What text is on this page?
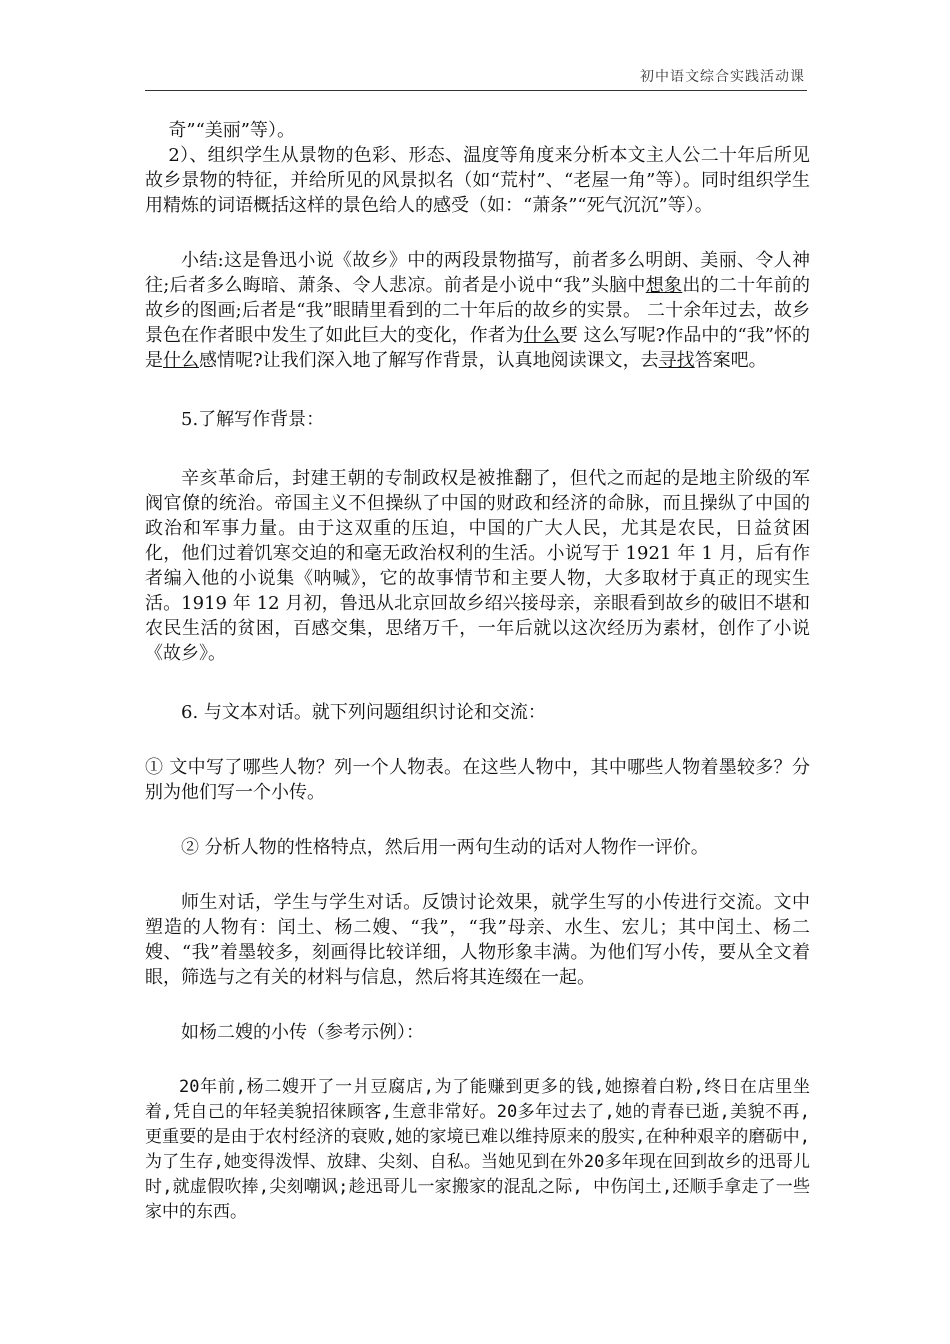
初中语文综合实践活动课

奇”“美丽”等）。

2）、组织学生从景物的色彩、形态、温度等角度来分析本文主人公二十年后所见故乡景物的特征，并给所见的风景拟名（如“荒村”、“老屋一角”等）。同时组织学生用精炼的词语概括这样的景色给人的感受（如：“萧条”“死气沉沉”等）。

小结:这是鲁迅小说《故乡》中的两段景物描写，前者多么明朗、美丽、令人神往;后者多么晦暗、萧条、令人悲凉。前者是小说中“我”头脑中想象出的二十年前的故乡的图画;后者是“我”眼睛里看到的二十年后的故乡的实景。 二十余年过去，故乡景色在作者眼中发生了如此巨大的变化，作者为什么要 这么写呢?作品中的“我”怀的是什么感情呢?让我们深入地了解写作背景，认真地阅读课文，去寻找答案吧。

5.了解写作背景：

辛亥革命后，封建王朝的专制政权是被推翻了，但代之而起的是地主阶级的军阀官僚的统治。帝国主义不但操纵了中国的财政和经济的命脉，而且操纵了中国的政治和军事力量。由于这双重的压迫，中国的广大人民，尤其是农民，日益贫困化，他们过着饥寒交迫的和毫无政治权利的生活。小说写于 1921 年 1 月，后有作者编入他的小说集《呐喊》，它的故事情节和主要人物，大多取材于真正的现实生活。1919 年 12 月初，鲁迅从北京回故乡绍兴接母亲，亲眼看到故乡的破旧不堪和农民生活的贫困，百感交集，思绪万千，一年后就以这次经历为素材，创作了小说《故乡》。

6. 与文本对话。就下列问题组织讨论和交流：

① 文中写了哪些人物？列一个人物表。在这些人物中，其中哪些人物着墨较多？分别为他们写一个小传。

② 分析人物的性格特点，然后用一两句生动的话对人物作一评价。

师生对话，学生与学生对话。反馈讨论效果，就学生写的小传进行交流。文中塑造的人物有：闰土、杨二嫂、“我”，“我”母亲、水生、宏儿；其中闰土、杨二嫂、“我”着墨较多，刻画得比较详细，人物形象丰满。为他们写小传，要从全文着眼，筛选与之有关的材料与信息，然后将其连缀在一起。

如杨二嫂的小传（参考示例）：

20年前,杨二嫂开了一爿豆腐店,为了能赚到更多的钱,她擦着白粉,终日在店里坐着,凭自己的年轻美貌招徕顾客,生意非常好。20多年过去了,她的青春已逝,美貌不再,更重要的是由于农村经济的衰败,她的家境已难以维持原来的殷实,在种种艰辛的磨砺中,为了生存,她变得泼悍、放肆、尖刻、自私。当她见到在外20多年现在回到故乡的迅哥儿时,就虚假吹捧,尖刻嘲讽;趁迅哥儿一家搬家的混乱之际, 中伤闰土,还顺手拿走了一些家中的东西。
